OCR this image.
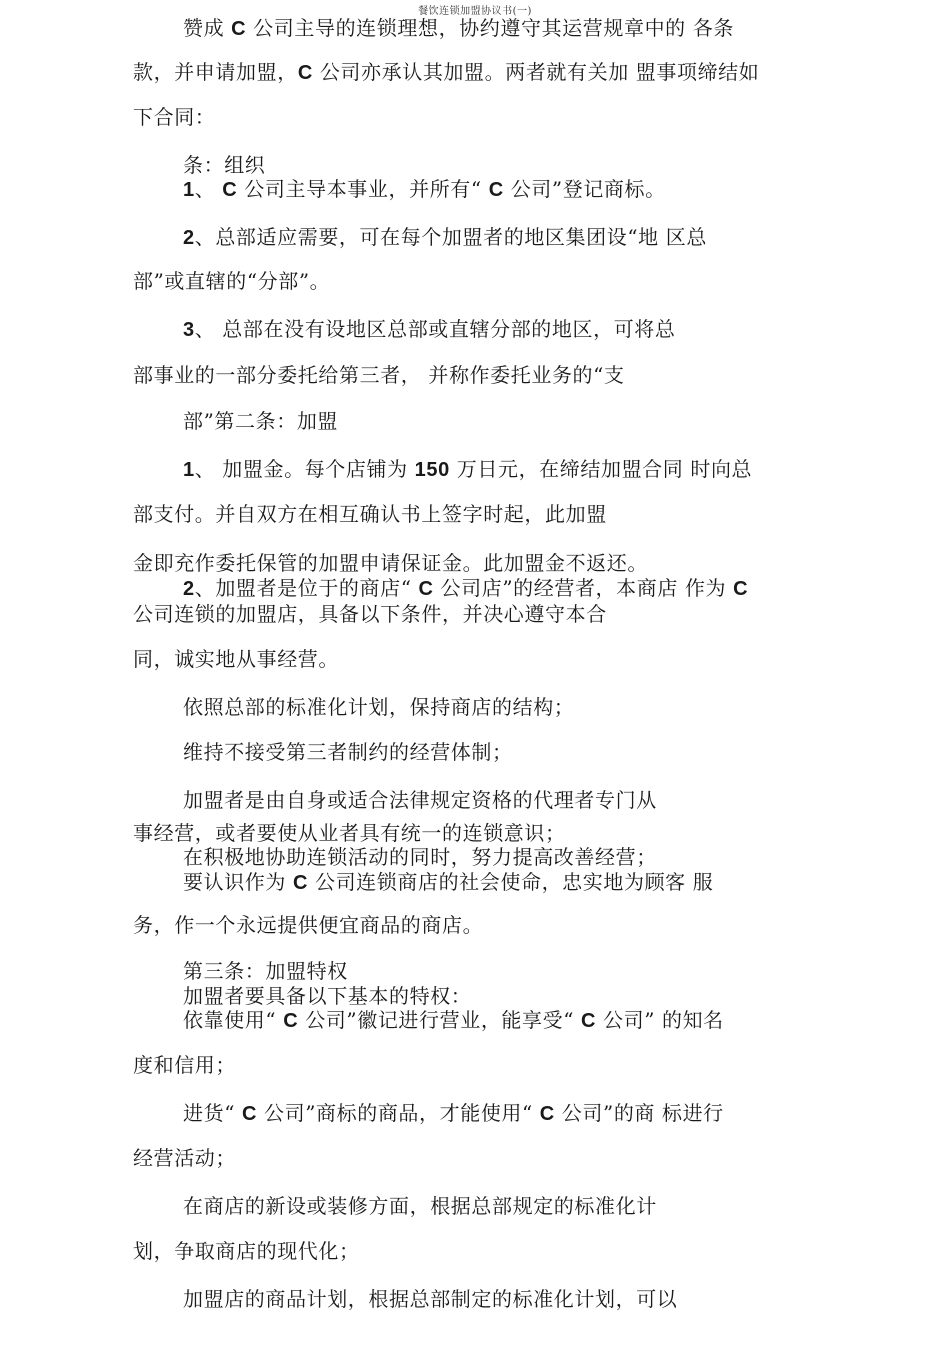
餐饮连锁加盟协议书(一)
赞成 C 公司主导的连锁理想，协约遵守其运营规章中的 各条
款，并申请加盟，C 公司亦承认其加盟。两者就有关加 盟事项缔结如
下合同：
条：组织
1、 C 公司主导本事业，并所有“ C 公司”登记商标。
2、总部适应需要，可在每个加盟者的地区集团设“地 区总
部”或直辖的“分部”。
3、 总部在没有设地区总部或直辖分部的地区，可将总
部事业的一部分委托给第三者， 并称作委托业务的“支
部”第二条：加盟
1、 加盟金。每个店铺为 150 万日元，在缔结加盟合同 时向总
部支付。并自双方在相互确认书上签字时起，此加盟
金即充作委托保管的加盟申请保证金。此加盟金不返还。
2、加盟者是位于的商店“ C 公司店”的经营者，本商店 作为 C
公司连锁的加盟店，具备以下条件，并决心遵守本合
同，诚实地从事经营。
依照总部的标准化计划，保持商店的结构；
维持不接受第三者制约的经营体制；
加盟者是由自身或适合法律规定资格的代理者专门从
事经营，或者要使从业者具有统一的连锁意识；
在积极地协助连锁活动的同时，努力提高改善经营；
要认识作为 C 公司连锁商店的社会使命，忠实地为顾客 服
务，作一个永远提供便宜商品的商店。
第三条：加盟特权
加盟者要具备以下基本的特权：
依靠使用“ C 公司”徽记进行营业，能享受“ C 公司” 的知名
度和信用；
进货“ C 公司”商标的商品，才能使用“ C 公司”的商 标进行
经营活动；
在商店的新设或装修方面，根据总部规定的标准化计
划，争取商店的现代化；
加盟店的商品计划，根据总部制定的标准化计划，可以
